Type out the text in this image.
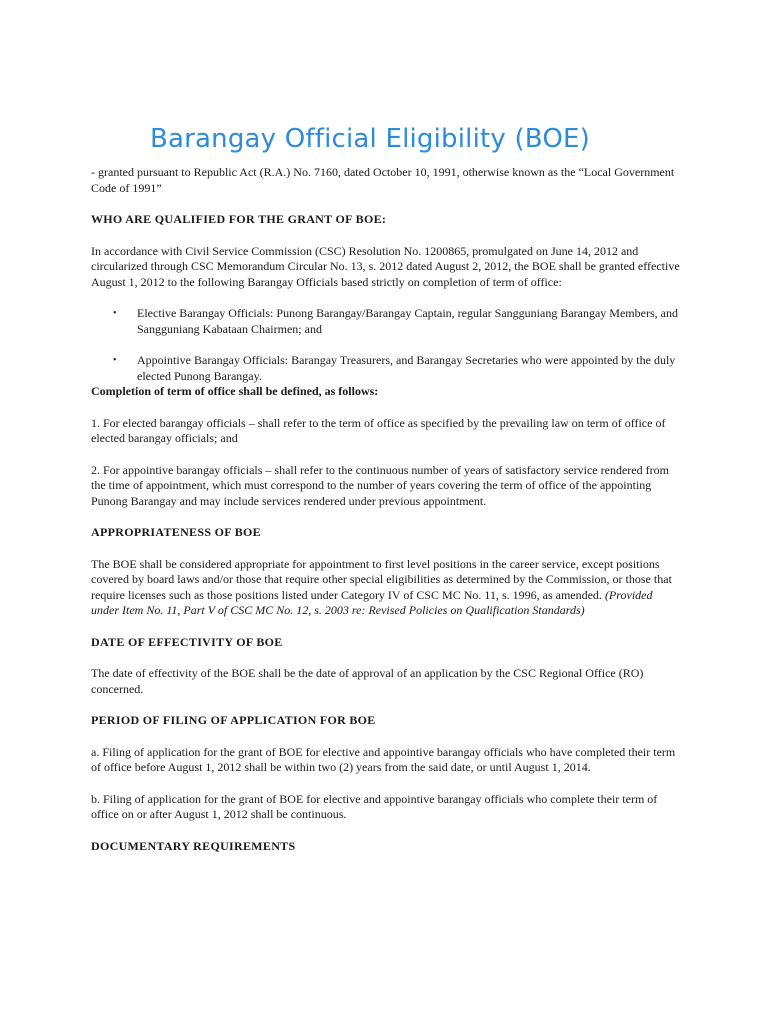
Barangay Official Eligibility (BOE)

- granted pursuant to Republic Act (R.A.) No. 7160, dated October 10, 1991, otherwise known as the “Local Government Code of 1991”

WHO ARE QUALIFIED FOR THE GRANT OF BOE:

In accordance with Civil Service Commission (CSC) Resolution No. 1200865, promulgated on June 14, 2012 and circularized through CSC Memorandum Circular No. 13, s. 2012 dated August 2, 2012, the BOE shall be granted effective August 1, 2012 to the following Barangay Officials based strictly on completion of term of office:

• Elective Barangay Officials: Punong Barangay/Barangay Captain, regular Sangguniang Barangay Members, and Sangguniang Kabataan Chairmen; and
• Appointive Barangay Officials: Barangay Treasurers, and Barangay Secretaries who were appointed by the duly elected Punong Barangay.

Completion of term of office shall be defined, as follows:

1. For elected barangay officials – shall refer to the term of office as specified by the prevailing law on term of office of elected barangay officials; and

2. For appointive barangay officials – shall refer to the continuous number of years of satisfactory service rendered from the time of appointment, which must correspond to the number of years covering the term of office of the appointing Punong Barangay and may include services rendered under previous appointment.

APPROPRIATENESS OF BOE

The BOE shall be considered appropriate for appointment to first level positions in the career service, except positions covered by board laws and/or those that require other special eligibilities as determined by the Commission, or those that require licenses such as those positions listed under Category IV of CSC MC No. 11, s. 1996, as amended. (Provided under Item No. 11, Part V of CSC MC No. 12, s. 2003 re: Revised Policies on Qualification Standards)

DATE OF EFFECTIVITY OF BOE

The date of effectivity of the BOE shall be the date of approval of an application by the CSC Regional Office (RO) concerned.

PERIOD OF FILING OF APPLICATION FOR BOE

a. Filing of application for the grant of BOE for elective and appointive barangay officials who have completed their term of office before August 1, 2012 shall be within two (2) years from the said date, or until August 1, 2014.

b. Filing of application for the grant of BOE for elective and appointive barangay officials who complete their term of office on or after August 1, 2012 shall be continuous.

DOCUMENTARY REQUIREMENTS
